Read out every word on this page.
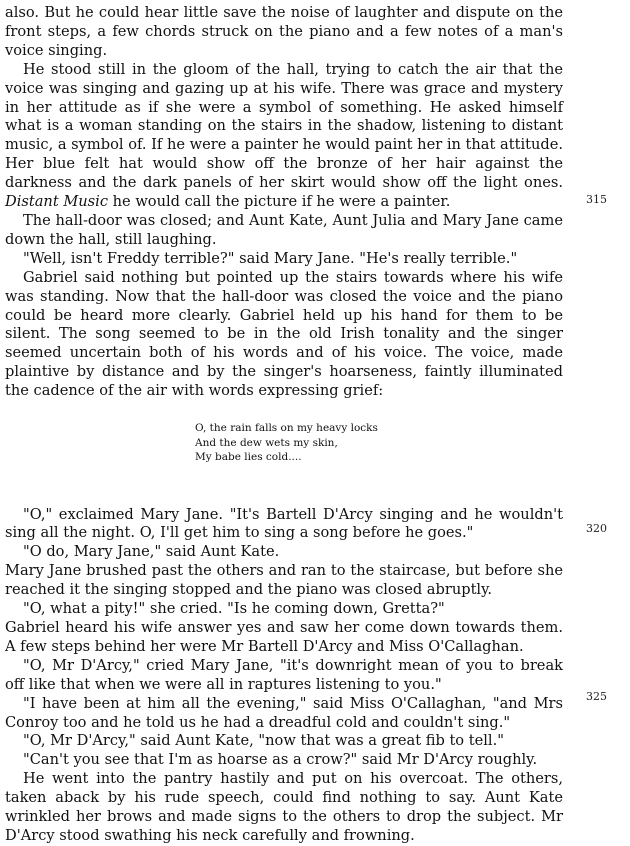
also. But he could hear little save the noise of laughter and dispute on the front steps, a few chords struck on the piano and a few notes of a man's voice singing.

He stood still in the gloom of the hall, trying to catch the air that the voice was singing and gazing up at his wife. There was grace and mystery in her attitude as if she were a symbol of something. He asked himself what is a woman standing on the stairs in the shadow, listening to distant music, a symbol of. If he were a painter he would paint her in that attitude. Her blue felt hat would show off the bronze of her hair against the darkness and the dark panels of her skirt would show off the light ones. Distant Music he would call the picture if he were a painter.

The hall-door was closed; and Aunt Kate, Aunt Julia and Mary Jane came down the hall, still laughing.

"Well, isn't Freddy terrible?" said Mary Jane. "He's really terrible."

Gabriel said nothing but pointed up the stairs towards where his wife was standing. Now that the hall-door was closed the voice and the piano could be heard more clearly. Gabriel held up his hand for them to be silent. The song seemed to be in the old Irish tonality and the singer seemed uncertain both of his words and of his voice. The voice, made plaintive by distance and by the singer's hoarseness, faintly illuminated the cadence of the air with words expressing grief:

O, the rain falls on my heavy locks
And the dew wets my skin,
My babe lies cold....

"O," exclaimed Mary Jane. "It's Bartell D'Arcy singing and he wouldn't sing all the night. O, I'll get him to sing a song before he goes."

"O do, Mary Jane," said Aunt Kate.

Mary Jane brushed past the others and ran to the staircase, but before she reached it the singing stopped and the piano was closed abruptly.

"O, what a pity!" she cried. "Is he coming down, Gretta?"

Gabriel heard his wife answer yes and saw her come down towards them. A few steps behind her were Mr Bartell D'Arcy and Miss O'Callaghan.

"O, Mr D'Arcy," cried Mary Jane, "it's downright mean of you to break off like that when we were all in raptures listening to you."

"I have been at him all the evening," said Miss O'Callaghan, "and Mrs Conroy too and he told us he had a dreadful cold and couldn't sing."

"O, Mr D'Arcy," said Aunt Kate, "now that was a great fib to tell."

"Can't you see that I'm as hoarse as a crow?" said Mr D'Arcy roughly.

He went into the pantry hastily and put on his overcoat. The others, taken aback by his rude speech, could find nothing to say. Aunt Kate wrinkled her brows and made signs to the others to drop the subject. Mr D'Arcy stood swathing his neck carefully and frowning.

315
320
325
